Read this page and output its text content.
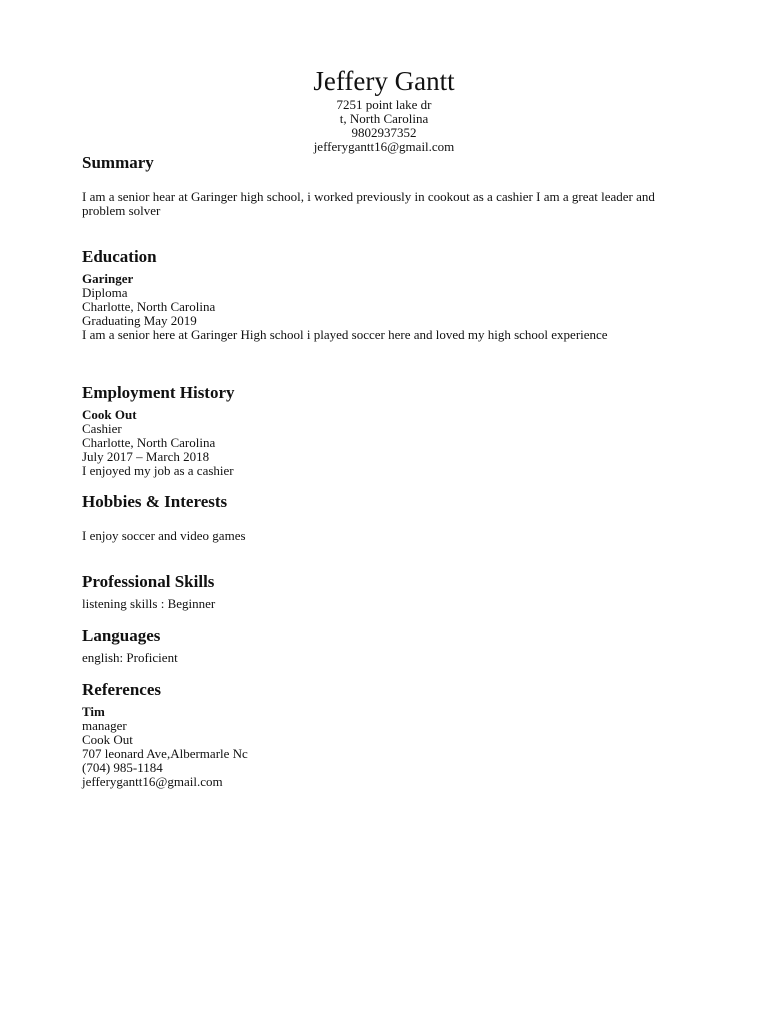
Jeffery Gantt
7251 point lake dr
t, North Carolina
9802937352
jefferygantt16@gmail.com
Summary
I am a senior hear at Garinger high school, i worked previously in cookout as a cashier I am a great leader and problem solver
Education
Garinger
Diploma
Charlotte, North Carolina
Graduating May 2019
I am a senior here at Garinger High school i played soccer here and loved my high school experience
Employment History
Cook Out
Cashier
Charlotte, North Carolina
July 2017 – March 2018
I enjoyed my job as a cashier
Hobbies & Interests
I enjoy soccer and video games
Professional Skills
listening skills : Beginner
Languages
english: Proficient
References
Tim
manager
Cook Out
707 leonard Ave,Albermarle Nc
(704) 985-1184
jefferygantt16@gmail.com
